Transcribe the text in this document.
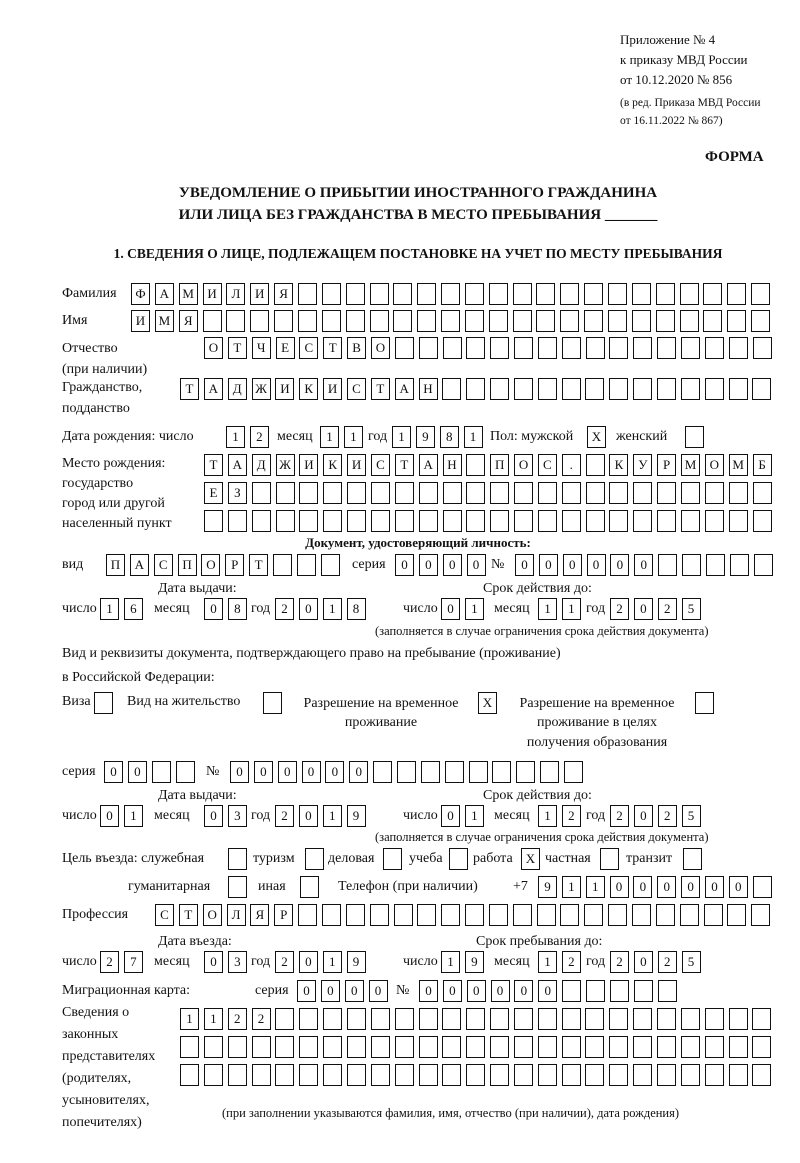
Приложение № 4
к приказу МВД России
от 10.12.2020 № 856
(в ред. Приказа МВД России
от 16.11.2022 № 867)
ФОРМА
УВЕДОМЛЕНИЕ О ПРИБЫТИИ ИНОСТРАННОГО ГРАЖДАНИНА
ИЛИ ЛИЦА БЕЗ ГРАЖДАНСТВА В МЕСТО ПРЕБЫВАНИЯ _______
1. СВЕДЕНИЯ О ЛИЦЕ, ПОДЛЕЖАЩЕМ ПОСТАНОВКЕ НА УЧЕТ ПО МЕСТУ ПРЕБЫВАНИЯ
Фамилия	Ф	А	М	И	Л	И	Я
Имя	И	М	Я
Отчество
(при наличии)
О	Т	Ч	Е	С	Т	В	О
Гражданство,
подданство
Т	А	Д	Ж	И	К	И	С	Т	А	Н
Дата рождения: число	1	2	месяц	1	1 год 1	9	8	1 Пол: мужской	X	женский
Место рождения:
государство
город или другой
населенный пункт
Т	А	Д	Ж	И	К	И	С	Т	А	Н	П	О	С	.	К	У	Р	М	О	М	Б
Е	З
Документ, удостоверяющий личность:
вид	П	А	С	П	О	Р	Т	серия	0	0	0	0 №	0	0	0	0	0	0
Дата выдачи:	Срок действия до:
число 1	6	месяц	0	8 год 2	0	1	8	число 0	1	месяц	1	1 год 2	0	2	5
(заполняется в случае ограничения срока действия документа)
Вид и реквизиты документа, подтверждающего право на пребывание (проживание)
в Российской Федерации:
Виза	Вид на жительство	Разрешение на временное
проживание
X	Разрешение на временное
проживание в целях
получения образования
серия	0	0	№	0	0	0	0	0	0
Дата выдачи:	Срок действия до:
число 0	1	месяц	0	3 год 2	0	1	9	число 0	1	месяц	1	2 год 2	0	2	5
(заполняется в случае ограничения срока действия документа)
Цель въезда: служебная	туризм деловая учеба работа	X частная	транзит
гуманитарная	иная	Телефон (при наличии)	+7	9	1	1	0	0	0	0	0	0
Профессия	С	Т	О	Л	Я	Р
Дата въезда:	Срок пребывания до:
число 2	7	месяц	0	3 год 2	0	1	9	число 1	9	месяц	1	2 год 2	0	2	5
Миграционная карта:	серия	0	0	0	0	№	0	0	0	0	0	0
Сведения о
законных
представителях
(родителях,
усыновителях,
попечителях)
1	1	2	2
(при заполнении указываются фамилия, имя, отчество (при наличии), дата рождения)
